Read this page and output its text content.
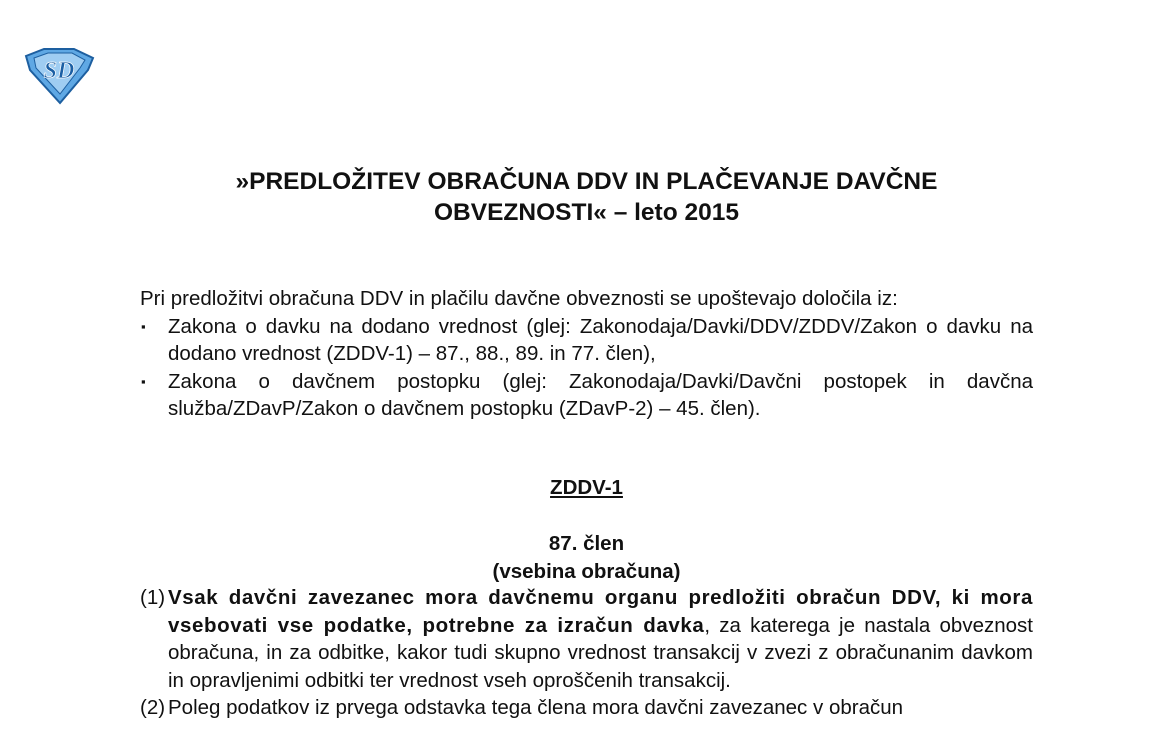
SD
»PREDLOŽITEV OBRAČUNA DDV IN PLAČEVANJE DAVČNE
OBVEZNOSTI« – leto 2015

Pri predložitvi obračuna DDV in plačilu davčne obveznosti se upoštevajo določila iz:

▪ Zakona o davku na dodano vrednost (glej: Zakonodaja/Davki/DDV/ZDDV/Zakon o davku na dodano vrednost (ZDDV-1) – 87., 88., 89. in 77. člen),
▪ Zakona o davčnem postopku (glej: Zakonodaja/Davki/Davčni postopek in davčna služba/ZDavP/Zakon o davčnem postopku (ZDavP-2) – 45. člen).
ZDDV-1
87. člen
(vsebina obračuna)

(1) Vsak davčni zavezanec mora davčnemu organu predložiti obračun DDV, ki mora vsebovati vse podatke, potrebne za izračun davka, za katerega je nastala obveznost obračuna, in za odbitke, kakor tudi skupno vrednost transakcij v zvezi z obračunanim davkom in opravljenimi odbitki ter vrednost vseh oproščenih transakcij.

(2) Poleg podatkov iz prvega odstavka tega člena mora davčni zavezanec v obračun
